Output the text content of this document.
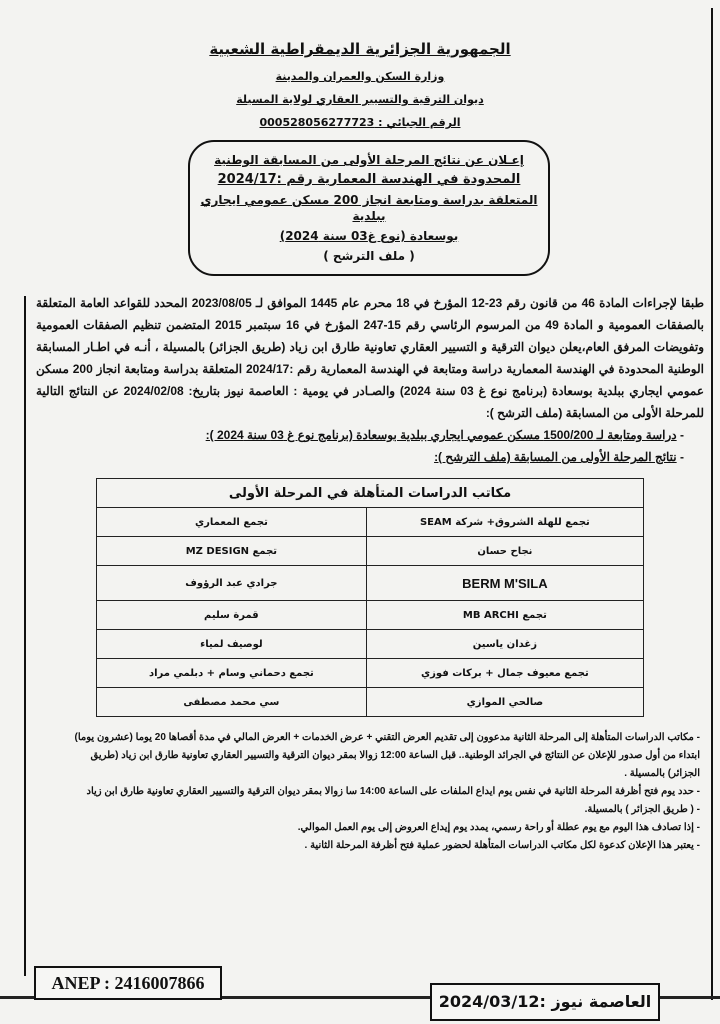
الجمهورية الجزائرية الديمقراطية الشعبية
وزارة السكن والعمران والمدينة
ديوان الترقية والتسيير العقاري لولاية المسيلة
الرقم الجبائي : 000528056277723
إعـلان عن نتائج المرحلة الأولى من المسابقة الوطنية
المحدودة في الهندسة المعمارية رقم :2024/17
المتعلقة بدراسة ومتابعة انجاز 200 مسكن عمومي ايجاري ببلدية
بوسعادة (نوع غ03 سنة 2024)
( ملف الترشح )

طبقا لإجراءات المادة 46 من قانون رقم 23-12 المؤرخ في 18 محرم عام 1445 الموافق لـ 2023/08/05 المحدد للقواعد العامة المتعلقة بالصفقات العمومية و المادة 49 من المرسوم الرئاسي رقم 15-247 المؤرخ في 16 سبتمبر 2015 المتضمن تنظيم الصفقات العمومية وتفويضات المرفق العام،يعلن ديوان الترقية و التسيير العقاري تعاونية طارق ابن زياد (طريق الجزائر) بالمسيلة ، أنـه في اطـار المسابقة الوطنية المحدودة في الهندسة المعمارية دراسة ومتابعة في الهندسة المعمارية رقم :2024/17 المتعلقة بدراسة ومتابعة انجاز 200 مسكن عمومي ايجاري ببلدية بوسعادة (برنامج نوع غ 03 سنة 2024) والصـادر في يومية : العاصمة نيوز بتاريخ: 2024/02/08 عن النتائج التالية للمرحلة الأولى من المسابقة (ملف الترشح ):

- دراسة ومتابعة لـ 1500/200 مسكن عمومي ايجاري ببلدية بوسعادة (برنامج نوع غ 03 سنة 2024 ):

- نتائج المرحلة الأولى من المسابقة (ملف الترشح ):

مكاتب الدراسات المتأهلة في المرحلة الأولى	
تجمع للهلة الشروق+ شركة SEAM	تجمع المعماري
نجاح حسان	تجمع MZ DESIGN
BERM M'SILA	جرادي عبد الرؤوف
تجمع MB ARCHI	قمرة سليم
زغدان ياسين	لوصيف لمياء
تجمع معيوف جمال + بركات فوزي	تجمع دحماني وسام + دبلمي مراد
صالحي الموازي	سي محمد مصطفى

- مكاتب الدراسات المتأهلة إلى المرحلة الثانية مدعوون إلى تقديم العرض التقني + عرض الخدمات + العرض المالي في مدة أقصاها 20 يوما (عشرون يوما) ابتداء من أول صدور للإعلان عن النتائج في الجرائد الوطنية.. قبل الساعة 12:00 زوالا بمقر ديوان الترقية والتسيير العقاري تعاونية طارق ابن زياد (طريق الجزائر) بالمسيلة .

- حدد يوم فتح أظرفة المرحلة الثانية في نفس يوم ايداع الملفات على الساعة 14:00 سا زوالا بمقر ديوان الترقية والتسيير العقاري تعاونية طارق ابن زياد

- ( طريق الجزائر ) بالمسيلة.

- إذا تصادف هذا اليوم مع يوم عطلة أو راحة رسمي، يمدد يوم إيداع العروض إلى يوم العمل الموالي.

- يعتبر هذا الإعلان كدعوة لكل مكاتب الدراسات المتأهلة لحضور عملية فتح أظرفة المرحلة الثانية .

ANEP : 2416007866
العاصمة نيوز :2024/03/12
